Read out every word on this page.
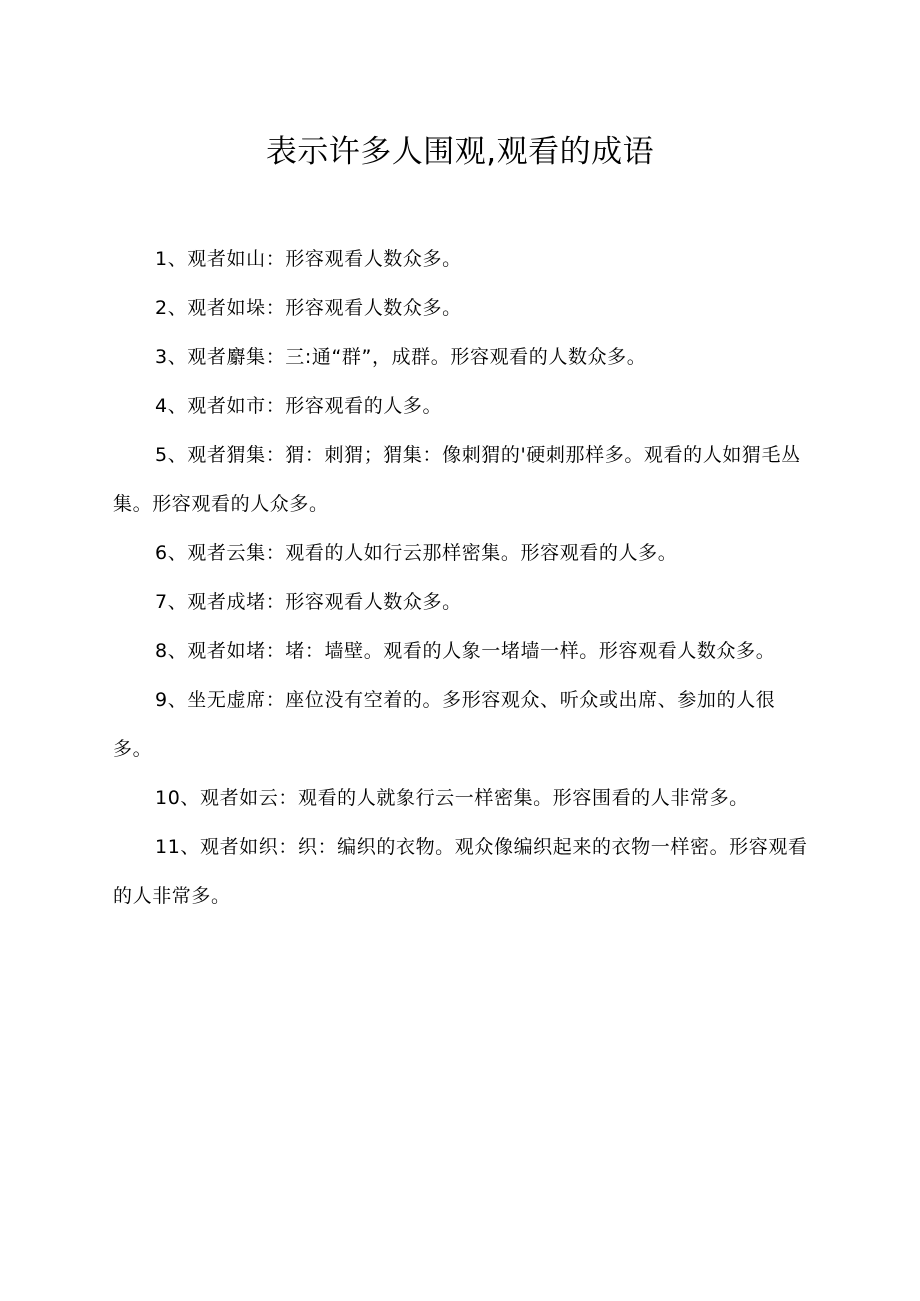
表示许多人围观,观看的成语

1、观者如山：形容观看人数众多。

2、观者如垛：形容观看人数众多。

3、观者麝集：三:通“群”，成群。形容观看的人数众多。

4、观者如市：形容观看的人多。

5、观者猬集：猬：刺猬；猬集：像刺猬的'硬刺那样多。观看的人如猬毛丛集。形容观看的人众多。

6、观者云集：观看的人如行云那样密集。形容观看的人多。

7、观者成堵：形容观看人数众多。

8、观者如堵：堵：墙壁。观看的人象一堵墙一样。形容观看人数众多。

9、坐无虚席：座位没有空着的。多形容观众、听众或出席、参加的人很多。

10、观者如云：观看的人就象行云一样密集。形容围看的人非常多。

11、观者如织：织：编织的衣物。观众像编织起来的衣物一样密。形容观看的人非常多。
